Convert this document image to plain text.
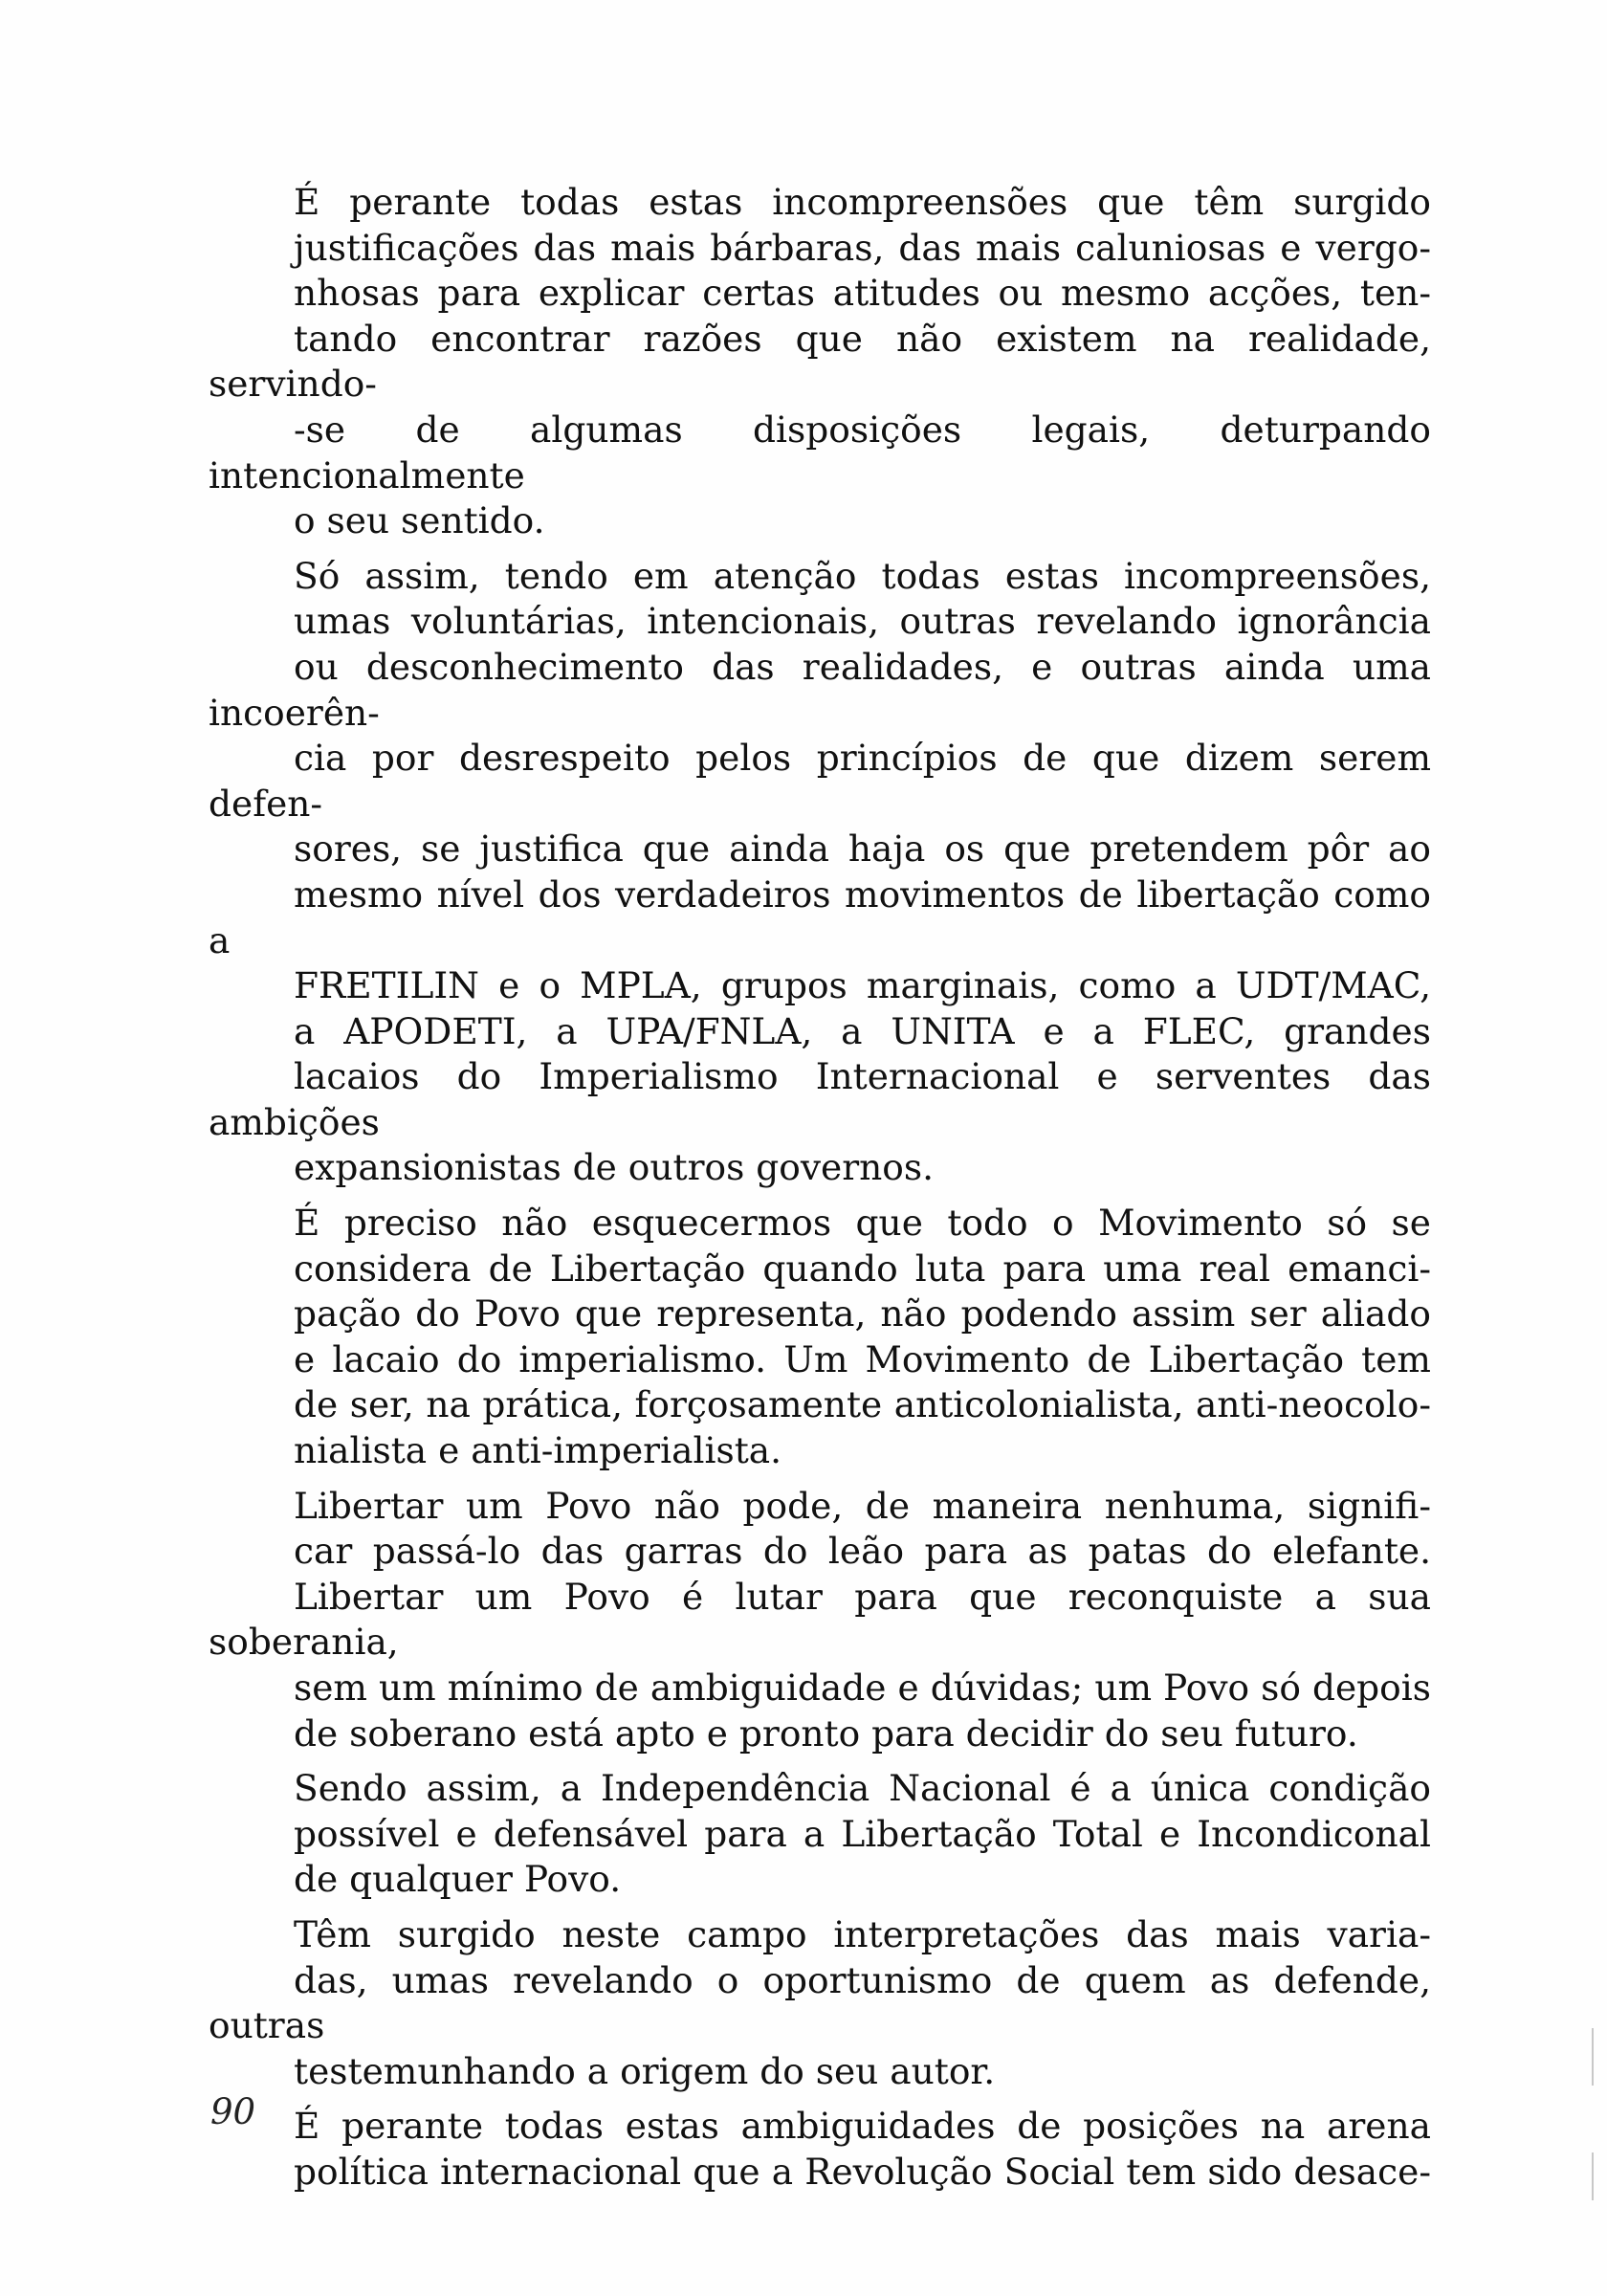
É perante todas estas incompreensões que têm surgido
justificações das mais bárbaras, das mais caluniosas e vergo-
nhosas para explicar certas atitudes ou mesmo acções, ten-
tando encontrar razões que não existem na realidade, servindo-
-se de algumas disposições legais, deturpando intencionalmente
o seu sentido.

Só assim, tendo em atenção todas estas incompreensões,
umas voluntárias, intencionais, outras revelando ignorância
ou desconhecimento das realidades, e outras ainda uma incoerên-
cia por desrespeito pelos princípios de que dizem serem defen-
sores, se justifica que ainda haja os que pretendem pôr ao
mesmo nível dos verdadeiros movimentos de libertação como a
FRETILIN e o MPLA, grupos marginais, como a UDT/MAC,
a APODETI, a UPA/FNLA, a UNITA e a FLEC, grandes
lacaios do Imperialismo Internacional e serventes das ambições
expansionistas de outros governos.

É preciso não esquecermos que todo o Movimento só se
considera de Libertação quando luta para uma real emanci-
pação do Povo que representa, não podendo assim ser aliado
e lacaio do imperialismo. Um Movimento de Libertação tem
de ser, na prática, forçosamente anticolonialista, anti-neocolo-
nialista e anti-imperialista.

Libertar um Povo não pode, de maneira nenhuma, signifi-
car passá-lo das garras do leão para as patas do elefante.
Libertar um Povo é lutar para que reconquiste a sua soberania,
sem um mínimo de ambiguidade e dúvidas; um Povo só depois
de soberano está apto e pronto para decidir do seu futuro.

Sendo assim, a Independência Nacional é a única condição
possível e defensável para a Libertação Total e Incondiconal
de qualquer Povo.

Têm surgido neste campo interpretações das mais varia-
das, umas revelando o oportunismo de quem as defende, outras
testemunhando a origem do seu autor.

É perante todas estas ambiguidades de posições na arena
política internacional que a Revolução Social tem sido desace-

90
